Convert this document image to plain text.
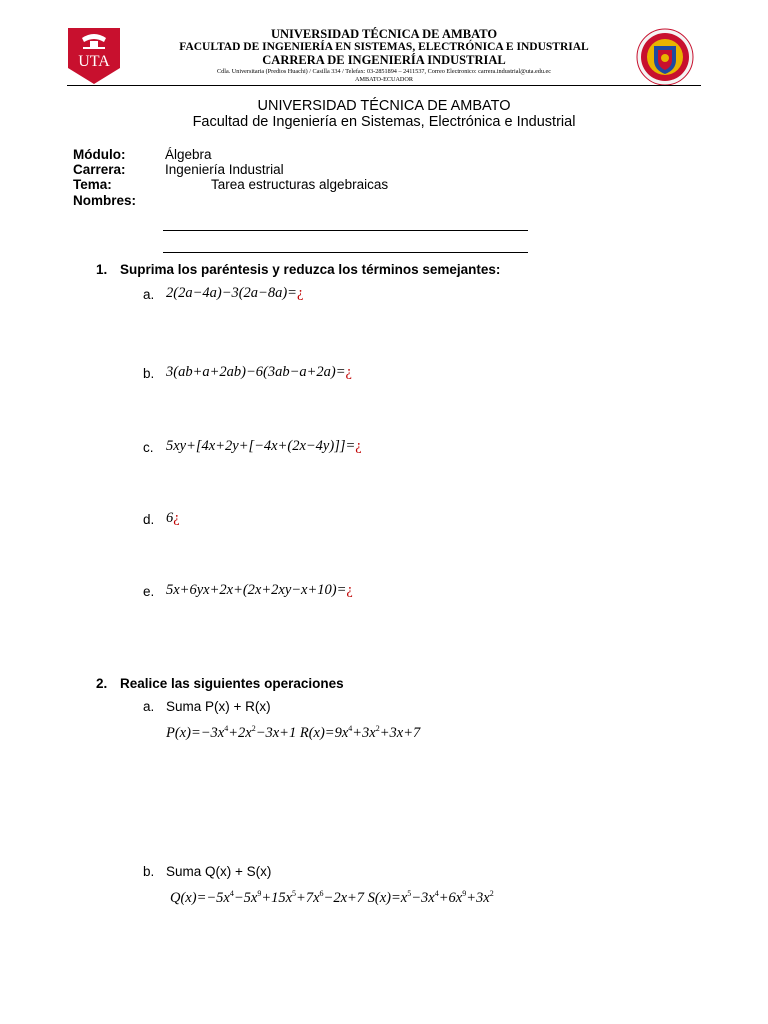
UTA
UNIVERSIDAD TÉCNICA DE AMBATO
FACULTAD DE INGENIERÍA EN SISTEMAS, ELECTRÓNICA E INDUSTRIAL
CARRERA DE INGENIERÍA INDUSTRIAL
Cdla. Universitaria (Predios Huachi) / Casilla 334 / Telefax: 03-2851894 – 2411537, Correo Electronico: carrera.industrial@uta.edu.ec
AMBATO-ECUADOR
UNIVERSIDAD TÉCNICA DE AMBATO
Facultad de Ingeniería en Sistemas, Electrónica e Industrial
Módulo:	Álgebra
Carrera:	Ingeniería Industrial
Tema:	Tarea estructuras algebraicas
Nombres:
1. Suprima los paréntesis y reduzca los términos semejantes:
a. 2(2a−4a)−3(2a−8a)=¿
b. 3(ab+a+2ab)−6(3ab−a+2a)=¿
c. 5xy+[4x+2y+[−4x+(2x−4y)]]=¿
d. 6¿
e. 5x+6yx+2x+(2x+2xy−x+10)=¿
2. Realice las siguientes operaciones
a. Suma P(x) + R(x)
$P(x)=-3x^4+2x^2-3x+1$ $R(x)=9x^4+3x^2+3x+7$
b. Suma Q(x) + S(x)
$Q(x)=-5x^4-5x^9+15x^5+7x^6-2x+7$ $S(x)=x^5-3x^4+6x^9+3x^2$
